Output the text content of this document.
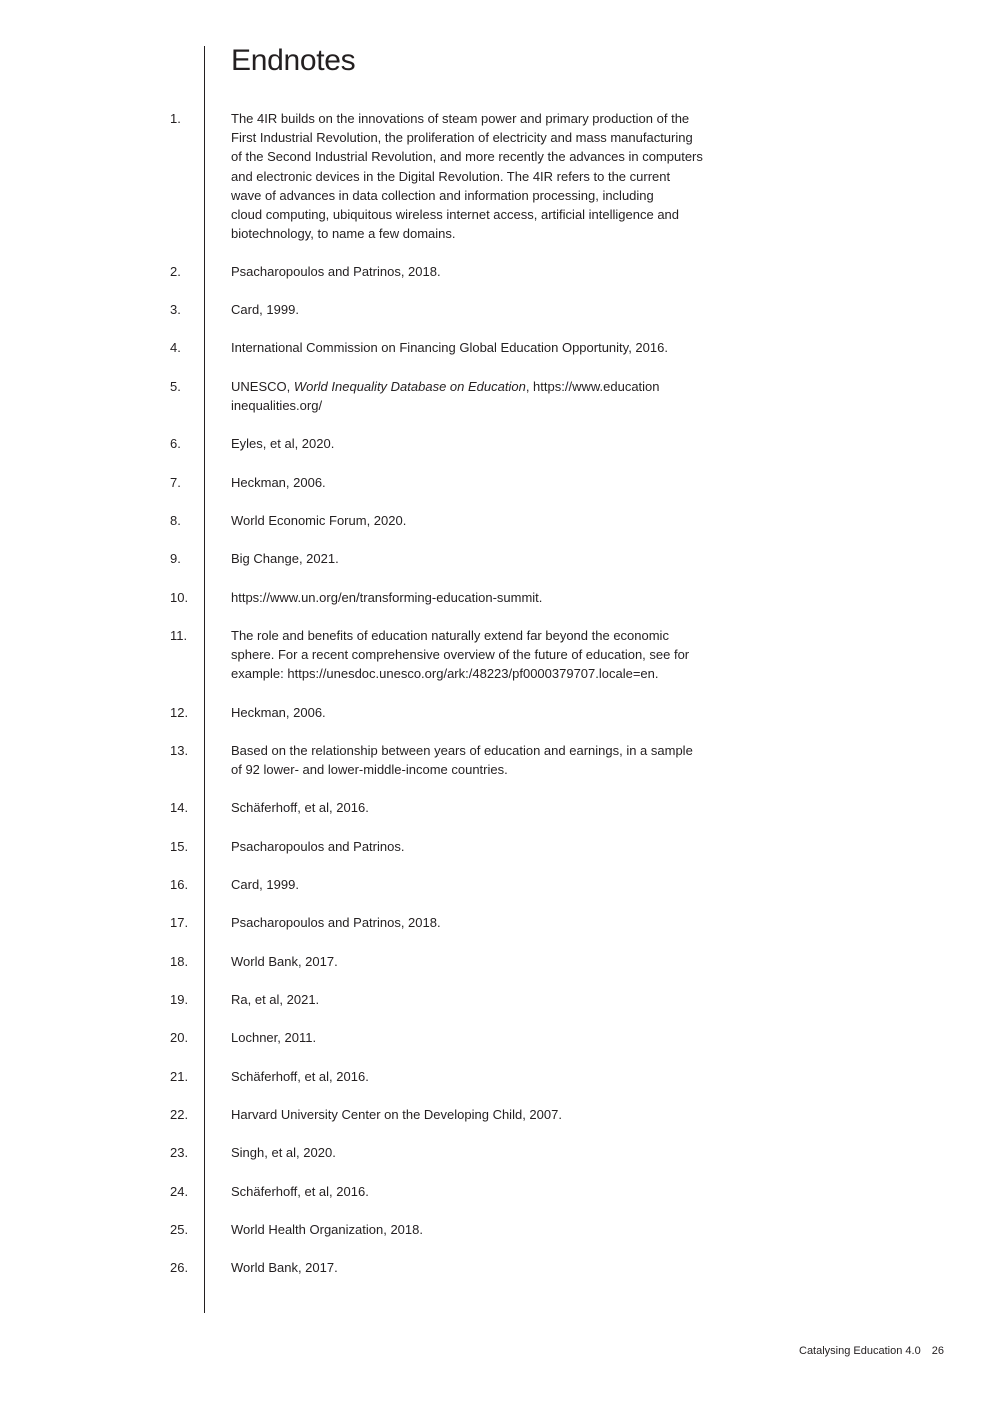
Endnotes
1.	The 4IR builds on the innovations of steam power and primary production of the
First Industrial Revolution, the proliferation of electricity and mass manufacturing
of the Second Industrial Revolution, and more recently the advances in computers
and electronic devices in the Digital Revolution. The 4IR refers to the current
wave of advances in data collection and information processing, including
cloud computing, ubiquitous wireless internet access, artificial intelligence and
biotechnology, to name a few domains.
2.	Psacharopoulos and Patrinos, 2018.
3.	Card, 1999.
4.	International Commission on Financing Global Education Opportunity, 2016.
5.	UNESCO, World Inequality Database on Education, https://www.education
inequalities.org/
6.	Eyles, et al, 2020.
7.	Heckman, 2006.
8.	World Economic Forum, 2020.
9.	Big Change, 2021.
10.	https://www.un.org/en/transforming-education-summit.
11.	The role and benefits of education naturally extend far beyond the economic
sphere. For a recent comprehensive overview of the future of education, see for
example: https://unesdoc.unesco.org/ark:/48223/pf0000379707.locale=en.
12.	Heckman, 2006.
13.	Based on the relationship between years of education and earnings, in a sample
of 92 lower- and lower-middle-income countries.
14.	Schäferhoff, et al, 2016.
15.	Psacharopoulos and Patrinos.
16.	Card, 1999.
17.	Psacharopoulos and Patrinos, 2018.
18.	World Bank, 2017.
19.	Ra, et al, 2021.
20.	Lochner, 2011.
21.	Schäferhoff, et al, 2016.
22.	Harvard University Center on the Developing Child, 2007.
23.	Singh, et al, 2020.
24.	Schäferhoff, et al, 2016.
25.	World Health Organization, 2018.
26.	World Bank, 2017.
Catalysing Education 4.0 26
